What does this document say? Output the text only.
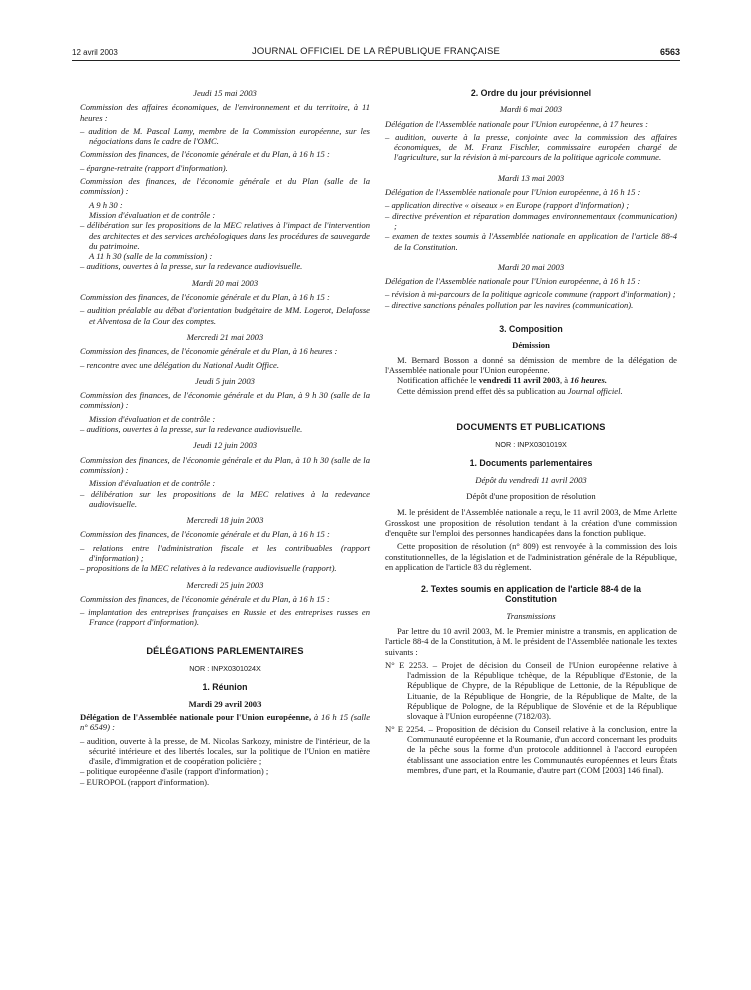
12 avril 2003	JOURNAL OFFICIEL DE LA RÉPUBLIQUE FRANÇAISE	6563

Jeudi 15 mai 2003

Commission des affaires économiques, de l'environnement et du territoire, à 11 heures :

– audition de M. Pascal Lamy, membre de la Commission européenne, sur les négociations dans le cadre de l'OMC.

Commission des finances, de l'économie générale et du Plan, à 16 h 15 :

– épargne-retraite (rapport d'information).

Commission des finances, de l'économie générale et du Plan (salle de la commission) :

A 9 h 30 :

Mission d'évaluation et de contrôle :

– délibération sur les propositions de la MEC relatives à l'impact de l'intervention des architectes et des services archéologiques dans les procédures de sauvegarde du patrimoine.

A 11 h 30 (salle de la commission) :

– auditions, ouvertes à la presse, sur la redevance audiovisuelle.

Mardi 20 mai 2003

Commission des finances, de l'économie générale et du Plan, à 16 h 15 :

– audition préalable au débat d'orientation budgétaire de MM. Logerot, Delafosse et Alventosa de la Cour des comptes.

Mercredi 21 mai 2003

Commission des finances, de l'économie générale et du Plan, à 16 heures :

– rencontre avec une délégation du National Audit Office.

Jeudi 5 juin 2003

Commission des finances, de l'économie générale et du Plan, à 9 h 30 (salle de la commission) :

Mission d'évaluation et de contrôle :

– auditions, ouvertes à la presse, sur la redevance audiovisuelle.

Jeudi 12 juin 2003

Commission des finances, de l'économie générale et du Plan, à 10 h 30 (salle de la commission) :

Mission d'évaluation et de contrôle :

– délibération sur les propositions de la MEC relatives à la redevance audiovisuelle.

Mercredi 18 juin 2003

Commission des finances, de l'économie générale et du Plan, à 16 h 15 :

– relations entre l'administration fiscale et les contribuables (rapport d'information) ;

– propositions de la MEC relatives à la redevance audiovisuelle (rapport).

Mercredi 25 juin 2003

Commission des finances, de l'économie générale et du Plan, à 16 h 15 :

– implantation des entreprises françaises en Russie et des entreprises russes en France (rapport d'information).

DÉLÉGATIONS PARLEMENTAIRES

NOR : INPX0301024X

1. Réunion

Mardi 29 avril 2003

Délégation de l'Assemblée nationale pour l'Union européenne, à 16 h 15 (salle n° 6549) :

– audition, ouverte à la presse, de M. Nicolas Sarkozy, ministre de l'intérieur, de la sécurité intérieure et des libertés locales, sur la politique de l'Union en matière d'asile, d'immigration et de coopération policière ;

– politique européenne d'asile (rapport d'information) ;

– EUROPOL (rapport d'information).

2. Ordre du jour prévisionnel

Mardi 6 mai 2003

Délégation de l'Assemblée nationale pour l'Union européenne, à 17 heures :

– audition, ouverte à la presse, conjointe avec la commission des affaires économiques, de M. Franz Fischler, commissaire européen chargé de l'agriculture, sur la révision à mi-parcours de la politique agricole commune.

Mardi 13 mai 2003

Délégation de l'Assemblée nationale pour l'Union européenne, à 16 h 15 :

– application directive « oiseaux » en Europe (rapport d'information) ;

– directive prévention et réparation dommages environnementaux (communication) ;

– examen de textes soumis à l'Assemblée nationale en application de l'article 88-4 de la Constitution.

Mardi 20 mai 2003

Délégation de l'Assemblée nationale pour l'Union européenne, à 16 h 15 :

– révision à mi-parcours de la politique agricole commune (rapport d'information) ;

– directive sanctions pénales pollution par les navires (communication).

3. Composition

Démission

M. Bernard Bosson a donné sa démission de membre de la délégation de l'Assemblée nationale pour l'Union européenne.

Notification affichée le vendredi 11 avril 2003, à 16 heures.

Cette démission prend effet dès sa publication au Journal officiel.

DOCUMENTS ET PUBLICATIONS

NOR : INPX0301019X

1. Documents parlementaires

Dépôt du vendredi 11 avril 2003

Dépôt d'une proposition de résolution

M. le président de l'Assemblée nationale a reçu, le 11 avril 2003, de Mme Arlette Grosskost une proposition de résolution tendant à la création d'une commission d'enquête sur l'emploi des personnes handicapées dans la fonction publique.

Cette proposition de résolution (n° 809) est renvoyée à la commission des lois constitutionnelles, de la législation et de l'administration générale de la République, en application de l'article 83 du règlement.

2. Textes soumis en application de l'article 88-4 de la Constitution

Transmissions

Par lettre du 10 avril 2003, M. le Premier ministre a transmis, en application de l'article 88-4 de la Constitution, à M. le président de l'Assemblée nationale les textes suivants :

N° E 2253. – Projet de décision du Conseil de l'Union européenne relative à l'admission de la République tchèque, de la République d'Estonie, de la République de Chypre, de la République de Lettonie, de la République de Lituanie, de la République de Hongrie, de la République de Malte, de la République de Pologne, de la République de Slovénie et de la République slovaque à l'Union européenne (7182/03).

N° E 2254. – Proposition de décision du Conseil relative à la conclusion, entre la Communauté européenne et la Roumanie, d'un accord concernant les produits de la pêche sous la forme d'un protocole additionnel à l'accord européen établissant une association entre les Communautés européennes et leurs États membres, d'une part, et la Roumanie, d'autre part (COM [2003] 146 final).
